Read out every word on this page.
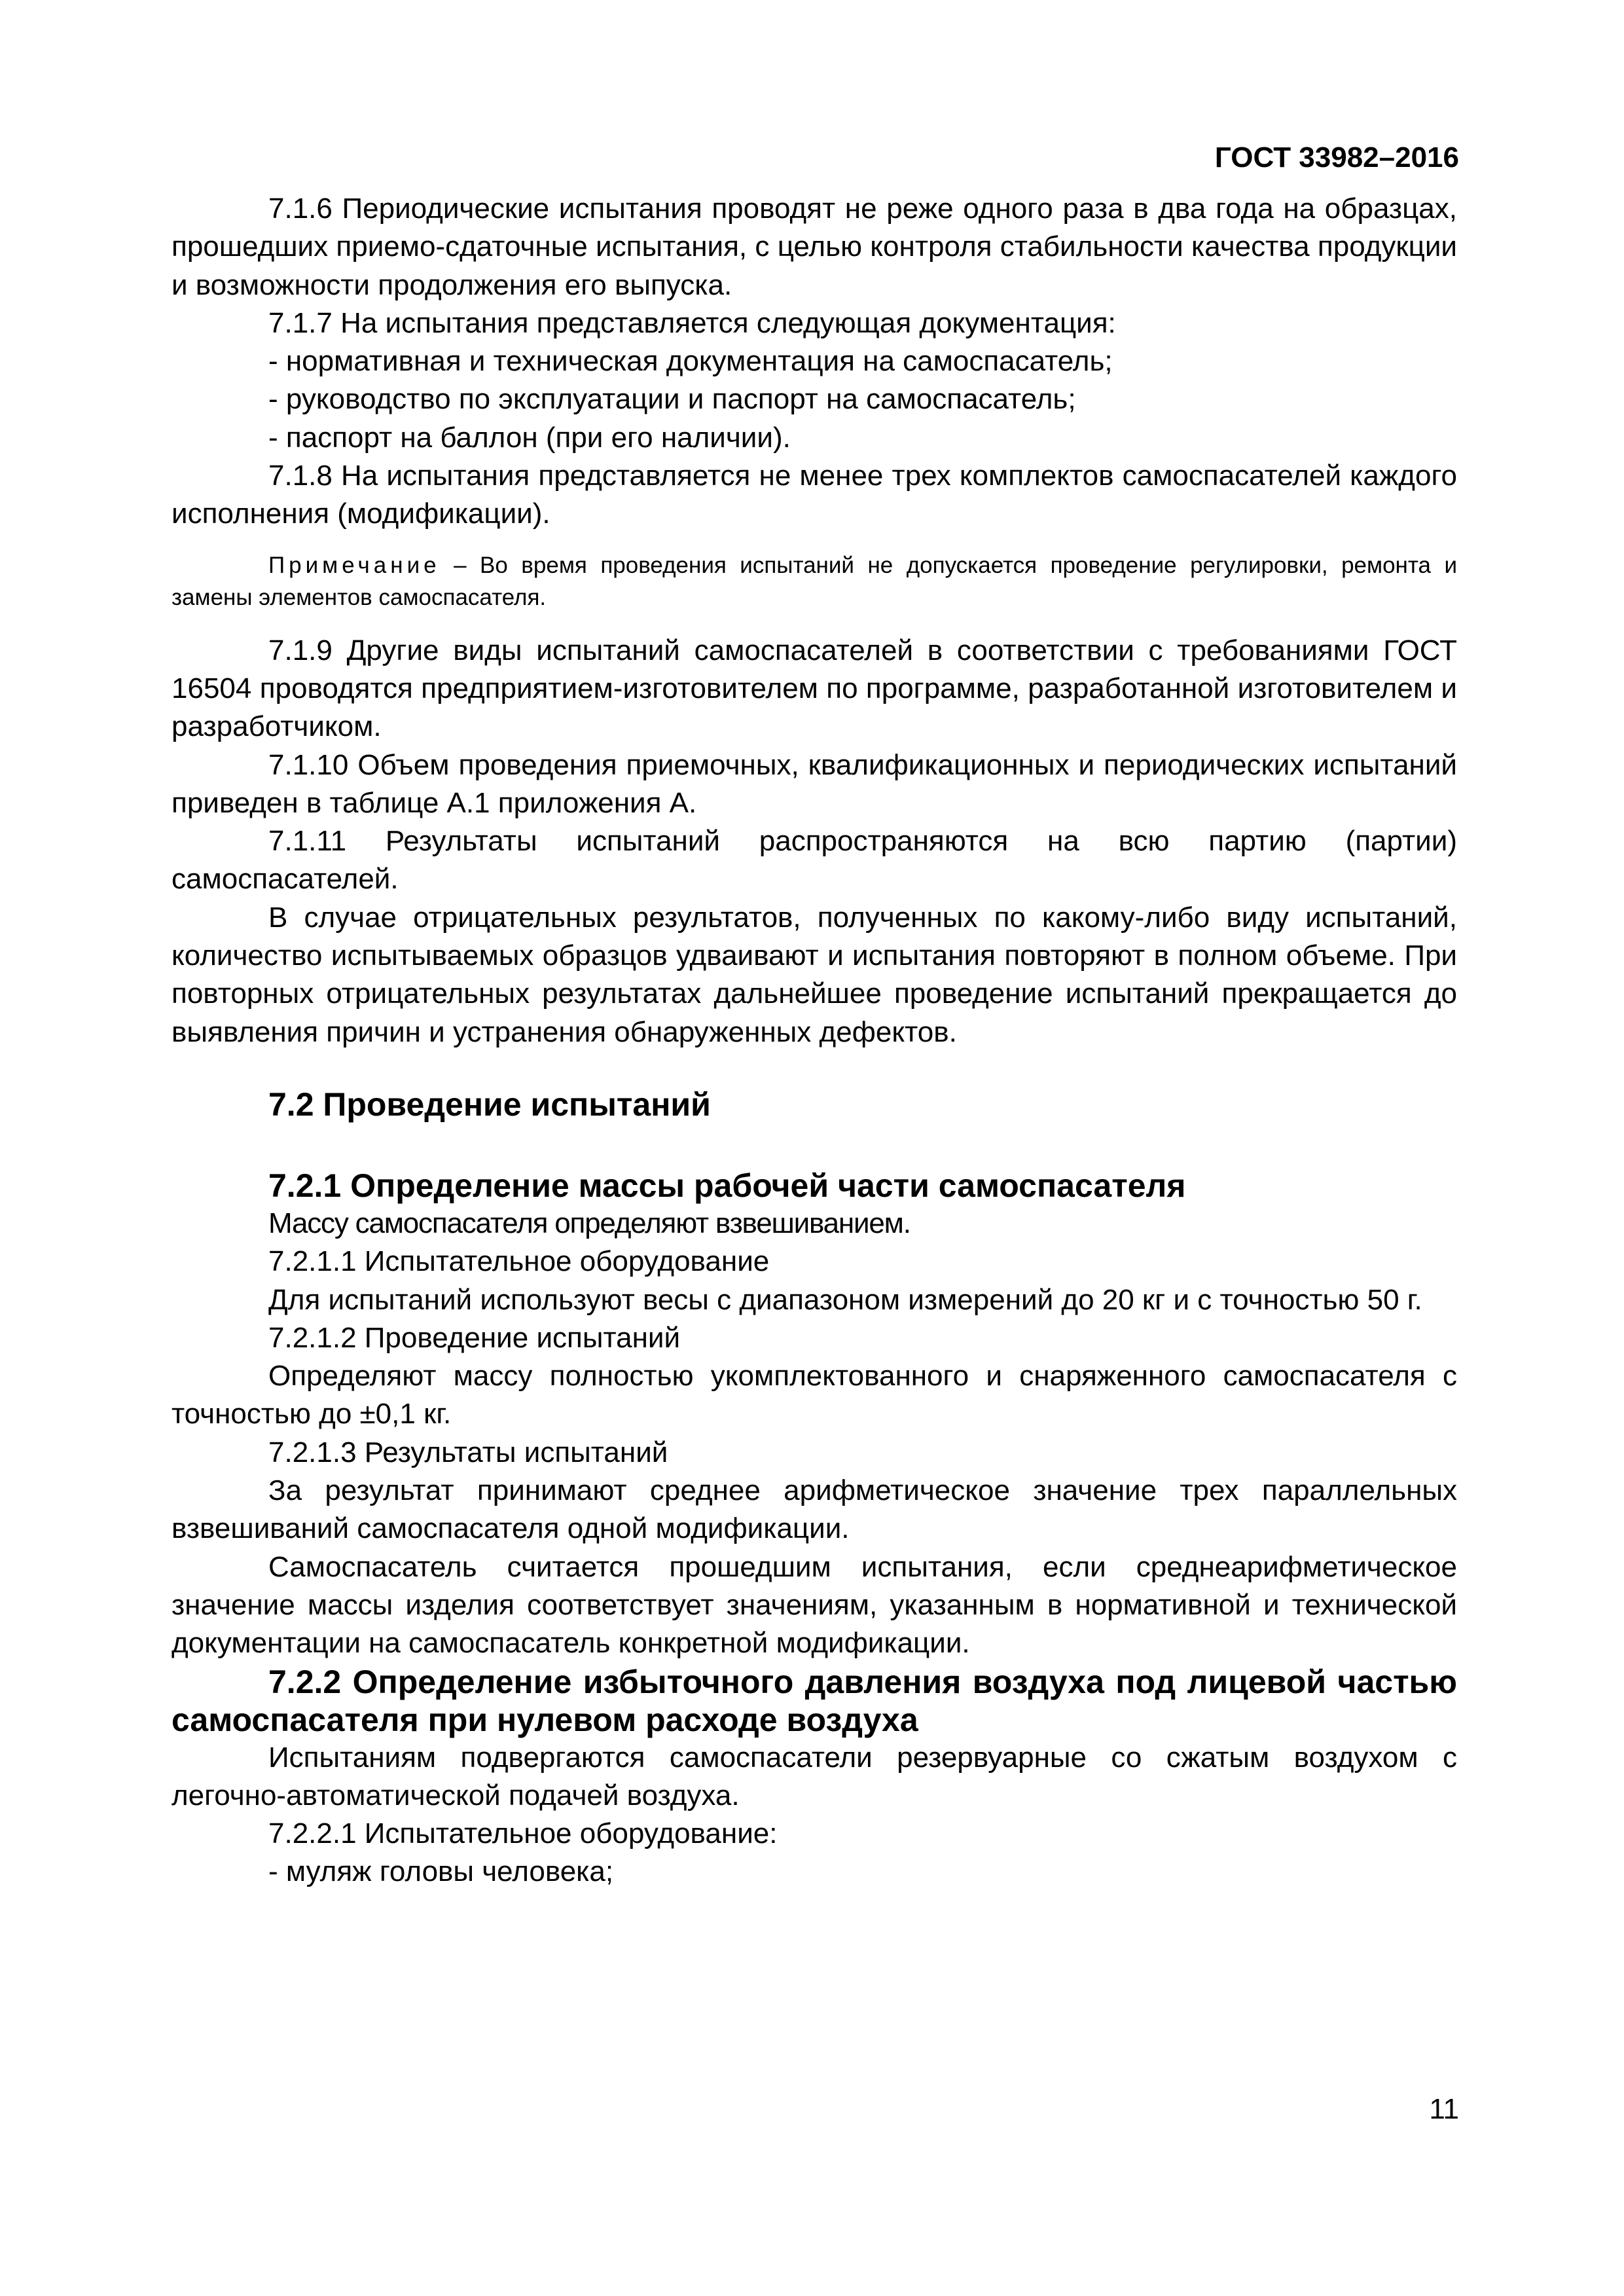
ГОСТ 33982–2016

7.1.6 Периодические испытания проводят не реже одного раза в два года на образцах, прошедших приемо-сдаточные испытания, с целью контроля стабильности качества продукции и возможности продолжения его выпуска.

7.1.7 На испытания представляется следующая документация:

- нормативная и техническая документация на самоспасатель;

- руководство по эксплуатации и паспорт на самоспасатель;

- паспорт на баллон (при его наличии).

7.1.8 На испытания представляется не менее трех комплектов самоспасателей каждого исполнения (модификации).

Примечание – Во время проведения испытаний не допускается проведение регулировки, ремонта и замены элементов самоспасателя.

7.1.9 Другие виды испытаний самоспасателей в соответствии с требованиями ГОСТ 16504 проводятся предприятием-изготовителем по программе, разработанной изготовителем и разработчиком.

7.1.10 Объем проведения приемочных, квалификационных и периодических испытаний приведен в таблице А.1 приложения А.

7.1.11 Результаты испытаний распространяются на всю партию (партии) самоспасателей.

В случае отрицательных результатов, полученных по какому-либо виду испытаний, количество испытываемых образцов удваивают и испытания повторяют в полном объеме. При повторных отрицательных результатах дальнейшее проведение испытаний прекращается до выявления причин и устранения обнаруженных дефектов.

7.2 Проведение испытаний

7.2.1 Определение массы рабочей части самоспасателя

Массу самоспасателя определяют взвешиванием.

7.2.1.1 Испытательное оборудование

Для испытаний используют весы с диапазоном измерений до 20 кг и с точностью 50 г.

7.2.1.2 Проведение испытаний

Определяют массу полностью укомплектованного и снаряженного самоспасателя с точностью до ±0,1 кг.

7.2.1.3 Результаты испытаний

За результат принимают среднее арифметическое значение трех параллельных взвешиваний самоспасателя одной модификации.

Самоспасатель считается прошедшим испытания, если среднеарифметическое значение массы изделия соответствует значениям, указанным в нормативной и технической документации на самоспасатель конкретной модификации.

7.2.2 Определение избыточного давления воздуха под лицевой частью самоспасателя при нулевом расходе воздуха

Испытаниям подвергаются самоспасатели резервуарные со сжатым воздухом с легочно-автоматической подачей воздуха.

7.2.2.1 Испытательное оборудование:

- муляж головы человека;

11
